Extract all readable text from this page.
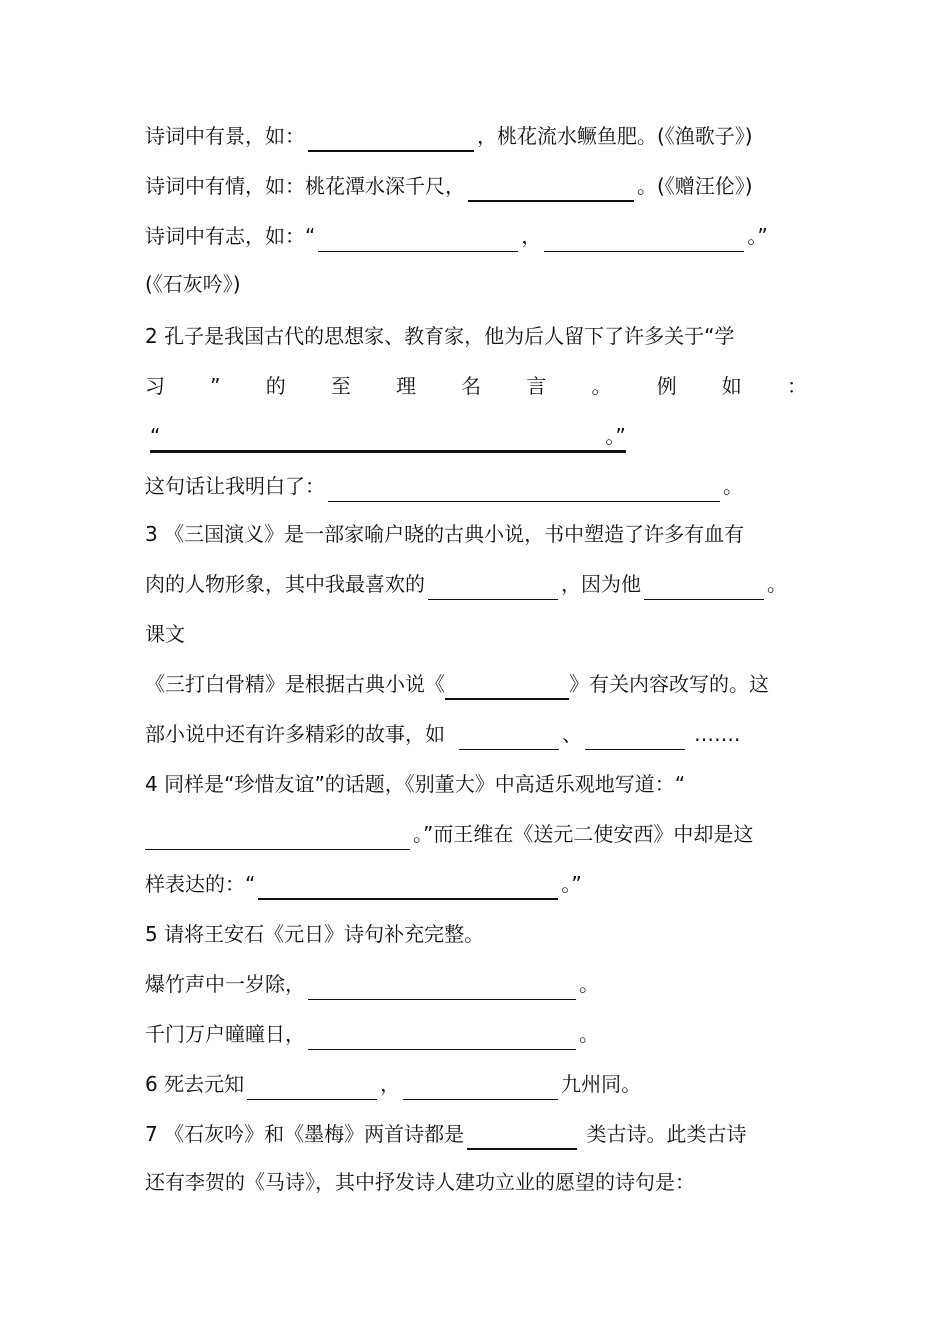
诗词中有景，如：	，桃花流水鳜鱼肥。(《渔歌子》)
诗词中有情，如：桃花潭水深千尺，	。(《赠汪伦》)
诗词中有志，如：“	，	。”
(《石灰吟》)
2 孔子是我国古代的思想家、教育家，他为后人留下了许多关于“学
习 ” 的 至 理 名 言 。 例 如 ：
“	。”
这句话让我明白了：	。
3 《三国演义》是一部家喻户晓的古典小说，书中塑造了许多有血有
肉的人物形象，其中我最喜欢的	，因为他	。
课文
《三打白骨精》是根据古典小说《	》有关内容改写的。这
部小说中还有许多精彩的故事，如	、	…….
4 同样是“珍惜友谊”的话题，《别董大》中高适乐观地写道：“
。”而王维在《送元二使安西》中却是这
样表达的：“	。”
5 请将王安石《元日》诗句补充完整。
爆竹声中一岁除，	。
千门万户曈曈日，	。
6 死去元知	，	九州同。
7 《石灰吟》和《墨梅》两首诗都是	类古诗。此类古诗
还有李贺的《马诗》，其中抒发诗人建功立业的愿望的诗句是：
